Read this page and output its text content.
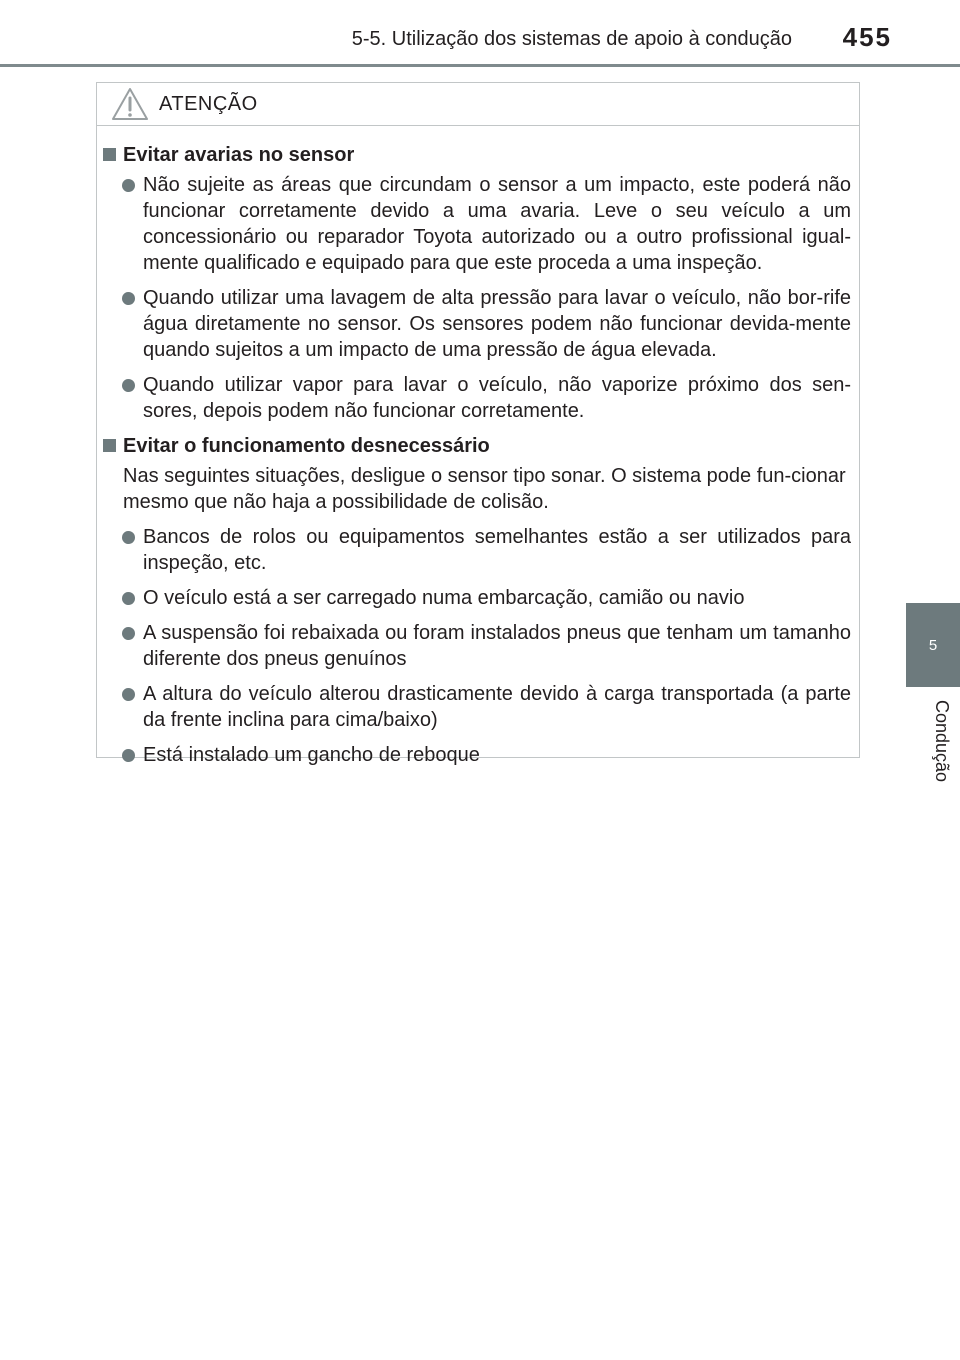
5-5. Utilização dos sistemas de apoio à condução 455
5
Condução
ATENÇÃO
Evitar avarias no sensor
Não sujeite as áreas que circundam o sensor a um impacto, este poderá não funcionar corretamente devido a uma avaria. Leve o seu veículo a um concessionário ou reparador Toyota autorizado ou a outro profissional igual-mente qualificado e equipado para que este proceda a uma inspeção.
Quando utilizar uma lavagem de alta pressão para lavar o veículo, não bor-rife água diretamente no sensor. Os sensores podem não funcionar devida-mente quando sujeitos a um impacto de uma pressão de água elevada.
Quando utilizar vapor para lavar o veículo, não vaporize próximo dos sen-sores, depois podem não funcionar corretamente.
Evitar o funcionamento desnecessário
Nas seguintes situações, desligue o sensor tipo sonar. O sistema pode fun-cionar mesmo que não haja a possibilidade de colisão.
Bancos de rolos ou equipamentos semelhantes estão a ser utilizados para inspeção, etc.
O veículo está a ser carregado numa embarcação, camião ou navio
A suspensão foi rebaixada ou foram instalados pneus que tenham um tamanho diferente dos pneus genuínos
A altura do veículo alterou drasticamente devido à carga transportada (a parte da frente inclina para cima/baixo)
Está instalado um gancho de reboque
